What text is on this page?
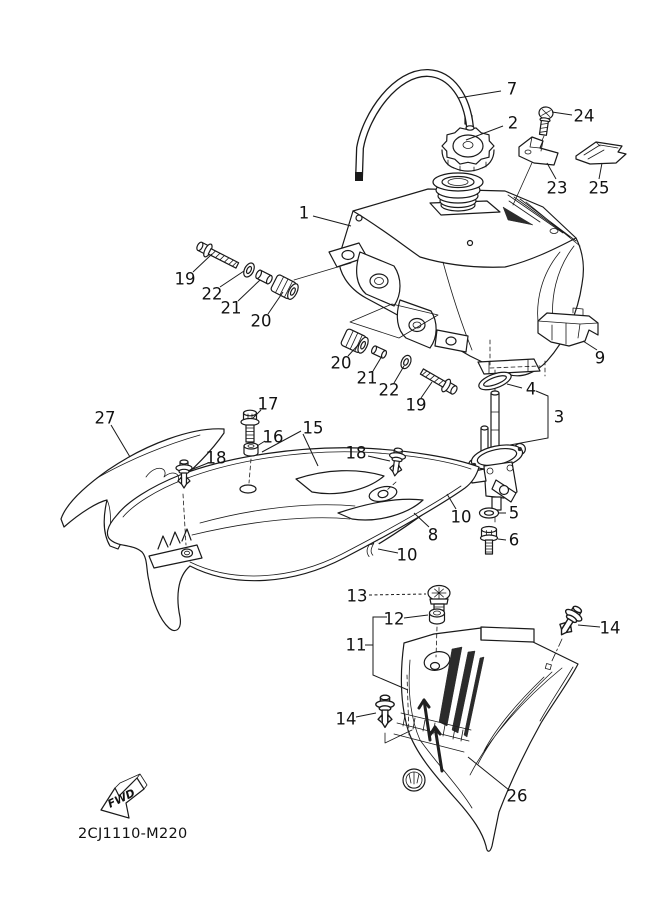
FWD
2CJ1110-M220
7
2	24
23 25
1
19
22
21
20
20
21
22
19
9
4
3
27
17
16 15
18	18
10
10
8
5
6
13
12
11
14
14
26
